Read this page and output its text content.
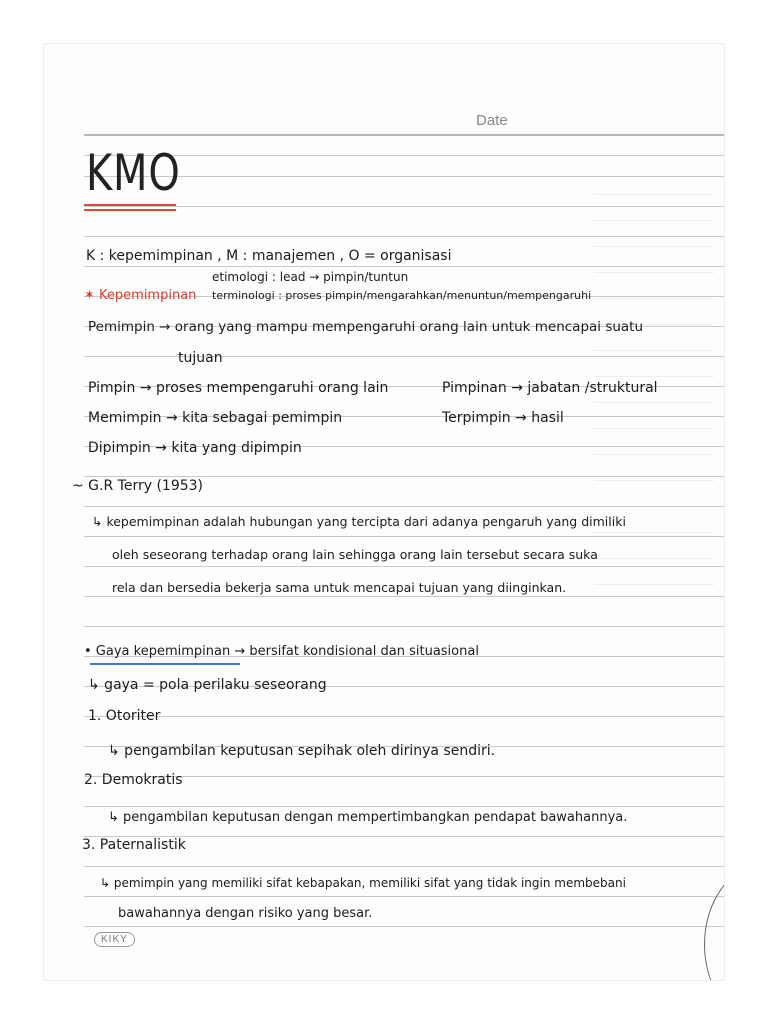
Date
KMO
K : kepemimpinan , M : manajemen , O = organisasi
etimologi : lead → pimpin/tuntun
✶ Kepemimpinan terminologi : proses pimpin/mengarahkan/menuntun/mempengaruhi
Pemimpin → orang yang mampu mempengaruhi orang lain untuk mencapai suatu
tujuan
Pimpin → proses mempengaruhi orang lain	Pimpinan → jabatan /struktural
Memimpin → kita sebagai pemimpin	Terpimpin → hasil
Dipimpin → kita yang dipimpin
~ G.R Terry (1953)
↳ kepemimpinan adalah hubungan yang tercipta dari adanya pengaruh yang dimiliki
oleh seseorang terhadap orang lain sehingga orang lain tersebut secara suka
rela dan bersedia bekerja sama untuk mencapai tujuan yang diinginkan.
• Gaya kepemimpinan → bersifat kondisional dan situasional
↳ gaya = pola perilaku seseorang
1. Otoriter
↳ pengambilan keputusan sepihak oleh dirinya sendiri.
2. Demokratis
↳ pengambilan keputusan dengan mempertimbangkan pendapat bawahannya.
3. Paternalistik
↳ pemimpin yang memiliki sifat kebapakan, memiliki sifat yang tidak ingin membebani
bawahannya dengan risiko yang besar.
KIKY
